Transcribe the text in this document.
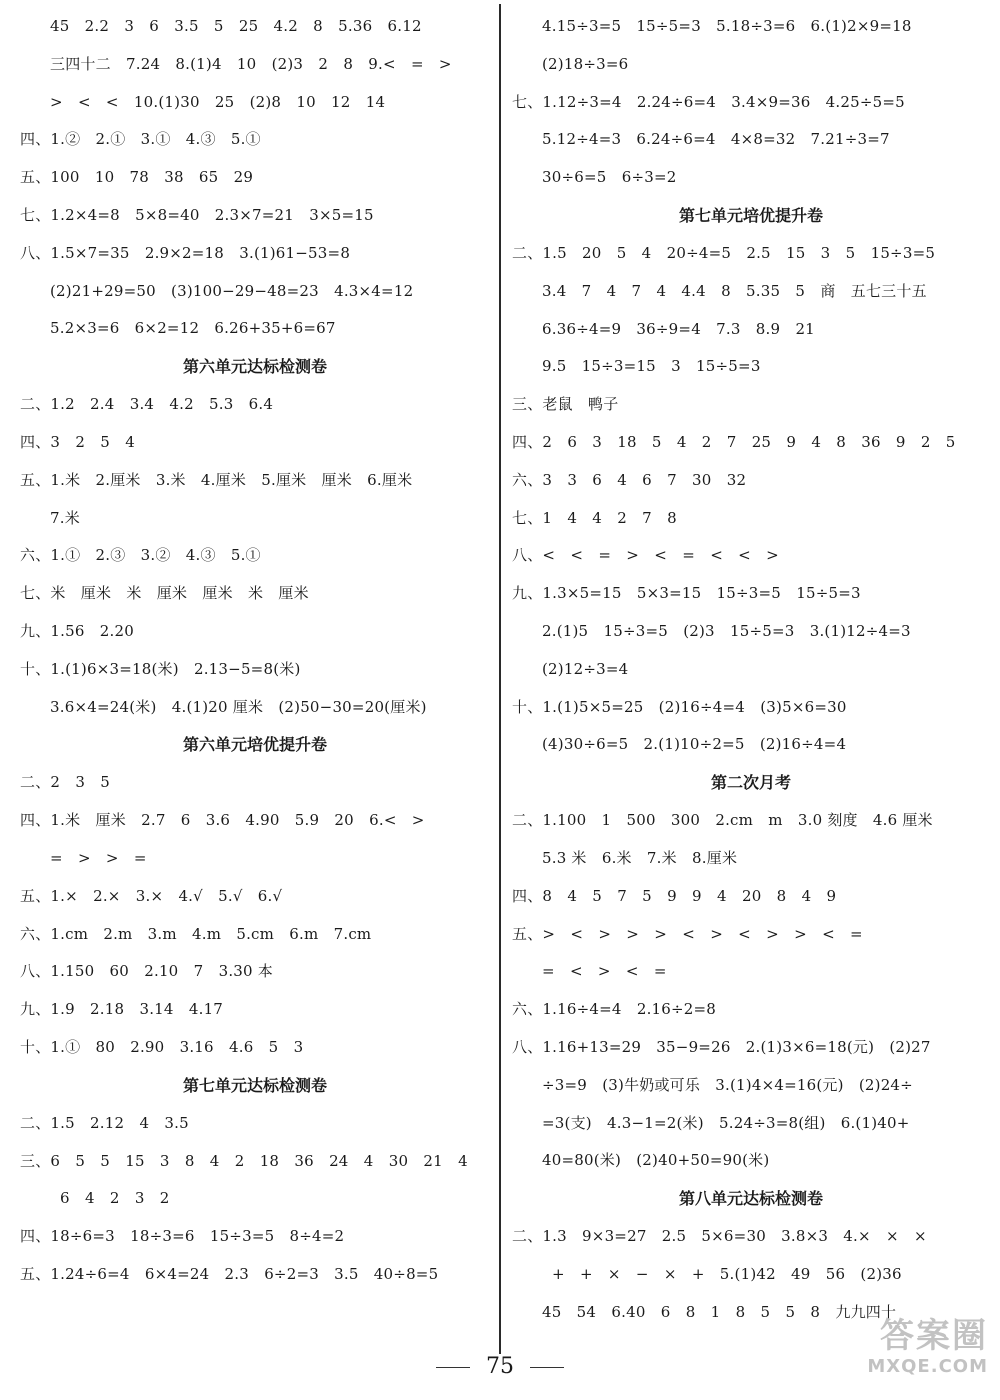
45　2.2　3　6　3.5　5　25　4.2　8　5.36　6.12
三四十二　7.24　8.(1)4　10　(2)3　2　8　9.<　=　>
>　<　<　10.(1)30　25　(2)8　10　12　14
四、1.②　2.①　3.①　4.③　5.①
五、100　10　78　38　65　29
七、1.2×4=8　5×8=40　2.3×7=21　3×5=15
八、1.5×7=35　2.9×2=18　3.(1)61−53=8
(2)21+29=50　(3)100−29−48=23　4.3×4=12
5.2×3=6　6×2=12　6.26+35+6=67
第六单元达标检测卷
二、1.2　2.4　3.4　4.2　5.3　6.4
四、3　2　5　4
五、1.米　2.厘米　3.米　4.厘米　5.厘米　厘米　6.厘米
7.米
六、1.①　2.③　3.②　4.③　5.①
七、米　厘米　米　厘米　厘米　米　厘米
九、1.56　2.20
十、1.(1)6×3=18(米)　2.13−5=8(米)
3.6×4=24(米)　4.(1)20 厘米　(2)50−30=20(厘米)
第六单元培优提升卷
二、2　3　5
四、1.米　厘米　2.7　6　3.6　4.90　5.9　20　6.<　>
=　>　>　=
五、1.×　2.×　3.×　4.√　5.√　6.√
六、1.cm　2.m　3.m　4.m　5.cm　6.m　7.cm
八、1.150　60　2.10　7　3.30 本
九、1.9　2.18　3.14　4.17
十、1.①　80　2.90　3.16　4.6　5　3
第七单元达标检测卷
二、1.5　2.12　4　3.5
三、6　5　5　15　3　8　4　2　18　36　24　4　30　21　4
6　4　2　3　2
四、18÷6=3　18÷3=6　15÷3=5　8÷4=2
五、1.24÷6=4　6×4=24　2.3　6÷2=3　3.5　40÷8=5
4.15÷3=5　15÷5=3　5.18÷3=6　6.(1)2×9=18
(2)18÷3=6
七、1.12÷3=4　2.24÷6=4　3.4×9=36　4.25÷5=5
5.12÷4=3　6.24÷6=4　4×8=32　7.21÷3=7
30÷6=5　6÷3=2
第七单元培优提升卷
二、1.5　20　5　4　20÷4=5　2.5　15　3　5　15÷3=5
3.4　7　4　7　4　4.4　8　5.35　5　商　五七三十五
6.36÷4=9　36÷9=4　7.3　8.9　21
9.5　15÷3=15　3　15÷5=3
三、老鼠　鸭子
四、2　6　3　18　5　4　2　7　25　9　4　8　36　9　2　5
六、3　3　6　4　6　7　30　32
七、1　4　4　2　7　8
八、<　<　=　>　<　=　<　<　>
九、1.3×5=15　5×3=15　15÷3=5　15÷5=3
2.(1)5　15÷3=5　(2)3　15÷5=3　3.(1)12÷4=3
(2)12÷3=4
十、1.(1)5×5=25　(2)16÷4=4　(3)5×6=30
(4)30÷6=5　2.(1)10÷2=5　(2)16÷4=4
第二次月考
二、1.100　1　500　300　2.cm　m　3.0 刻度　4.6 厘米
5.3 米　6.米　7.米　8.厘米
四、8　4　5　7　5　9　9　4　20　8　4　9
五、>　<　>　>　>　<　>　<　>　>　<　=
=　<　>　<　=
六、1.16÷4=4　2.16÷2=8
八、1.16+13=29　35−9=26　2.(1)3×6=18(元)　(2)27
÷3=9　(3)牛奶或可乐　3.(1)4×4=16(元)　(2)24÷
=3(支)　4.3−1=2(米)　5.24÷3=8(组)　6.(1)40+
40=80(米)　(2)40+50=90(米)
第八单元达标检测卷
二、1.3　9×3=27　2.5　5×6=30　3.8×3　4.×　×　×
+　+　×　−　×　+　5.(1)42　49　56　(2)36
45　54　6.40　6　8　1　8　5　5　8　九九四十
75
答案圈
MXQE.COM
